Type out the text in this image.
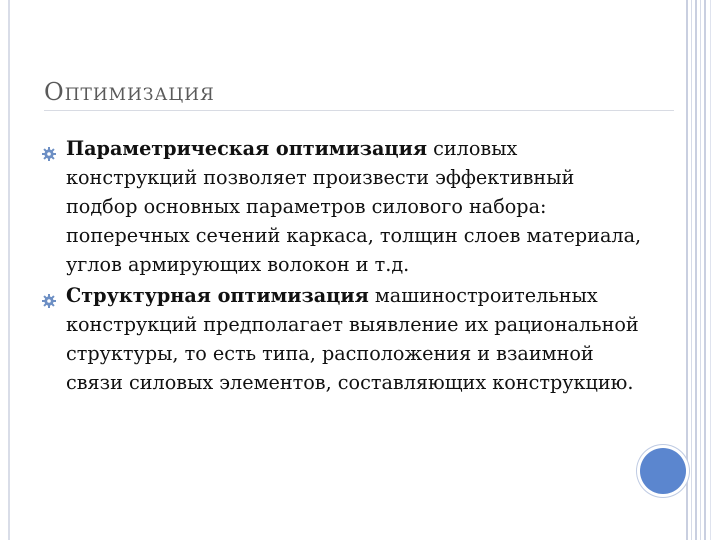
ОПТИМИЗАЦИЯ
Параметрическая оптимизация силовых конструкций позволяет произвести эффективный подбор основных параметров силового набора: поперечных сечений каркаса, толщин слоев материала, углов армирующих волокон и т.д.
Структурная оптимизация машиностроительных конструкций предполагает выявление их рациональной структуры, то есть типа, расположения и взаимной связи силовых элементов, составляющих конструкцию.
